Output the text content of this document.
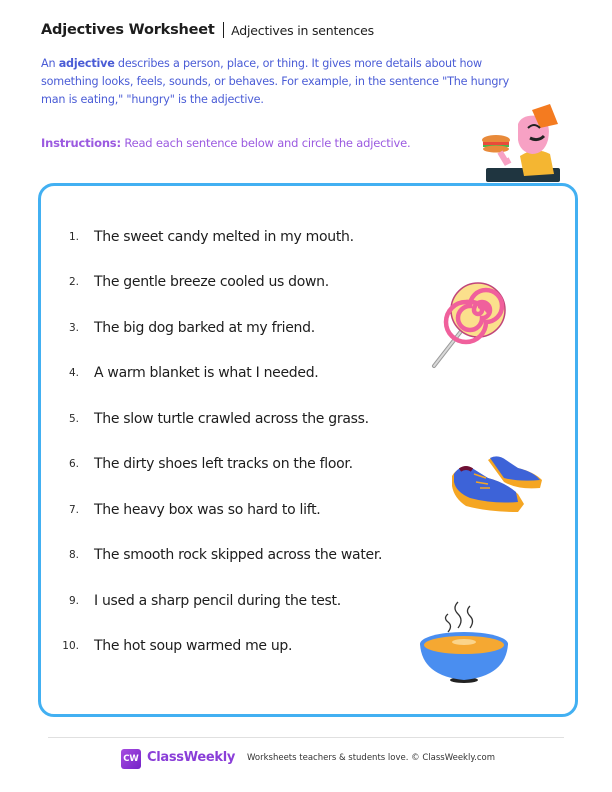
Adjectives Worksheet Adjectives in sentences
An adjective describes a person, place, or thing. It gives more details about how something looks, feels, sounds, or behaves. For example, in the sentence "The hungry man is eating," "hungry" is the adjective.
Instructions: Read each sentence below and circle the adjective.
1.	The sweet candy melted in my mouth.
2.	The gentle breeze cooled us down.
3.	The big dog barked at my friend.
4.	A warm blanket is what I needed.
5.	The slow turtle crawled across the grass.
6.	The dirty shoes left tracks on the floor.
7.	The heavy box was so hard to lift.
8.	The smooth rock skipped across the water.
9.	I used a sharp pencil during the test.
10.	The hot soup warmed me up.
CW ClassWeekly Worksheets teachers & students love. © ClassWeekly.com
